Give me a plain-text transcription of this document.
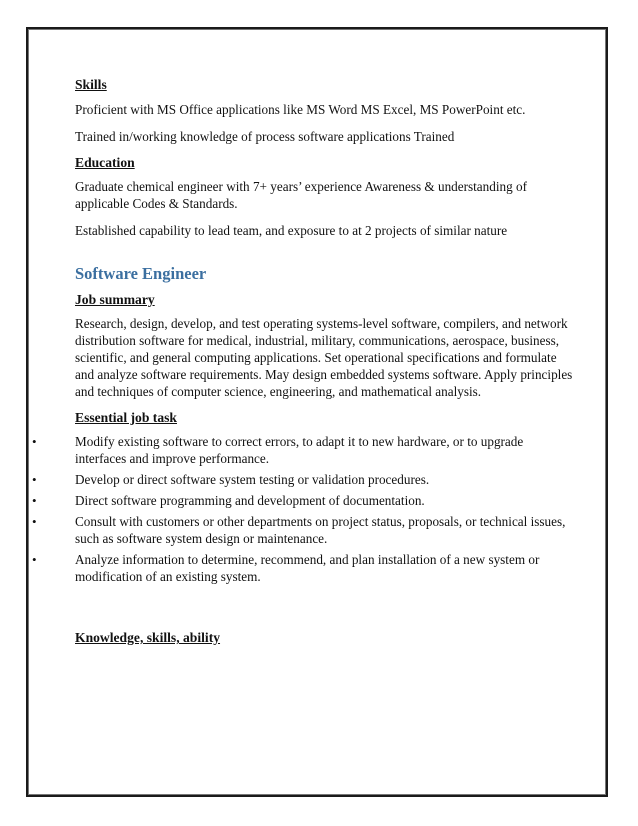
Skills

Proficient with MS Office applications like MS Word MS Excel, MS PowerPoint etc.

Trained in/working knowledge of process software applications Trained

Education

Graduate chemical engineer with 7+ years’ experience Awareness & understanding of applicable Codes & Standards.

Established capability to lead team, and exposure to at 2 projects of similar nature

Software Engineer

Job summary

Research, design, develop, and test operating systems-level software, compilers, and network distribution software for medical, industrial, military, communications, aerospace, business, scientific, and general computing applications. Set operational specifications and formulate and analyze software requirements. May design embedded systems software. Apply principles and techniques of computer science, engineering, and mathematical analysis.

Essential job task

•	Modify existing software to correct errors, to adapt it to new hardware, or to upgrade interfaces and improve performance.
•	Develop or direct software system testing or validation procedures.
•	Direct software programming and development of documentation.
•	Consult with customers or other departments on project status, proposals, or technical issues, such as software system design or maintenance.
•	Analyze information to determine, recommend, and plan installation of a new system or modification of an existing system.

Knowledge, skills, ability
